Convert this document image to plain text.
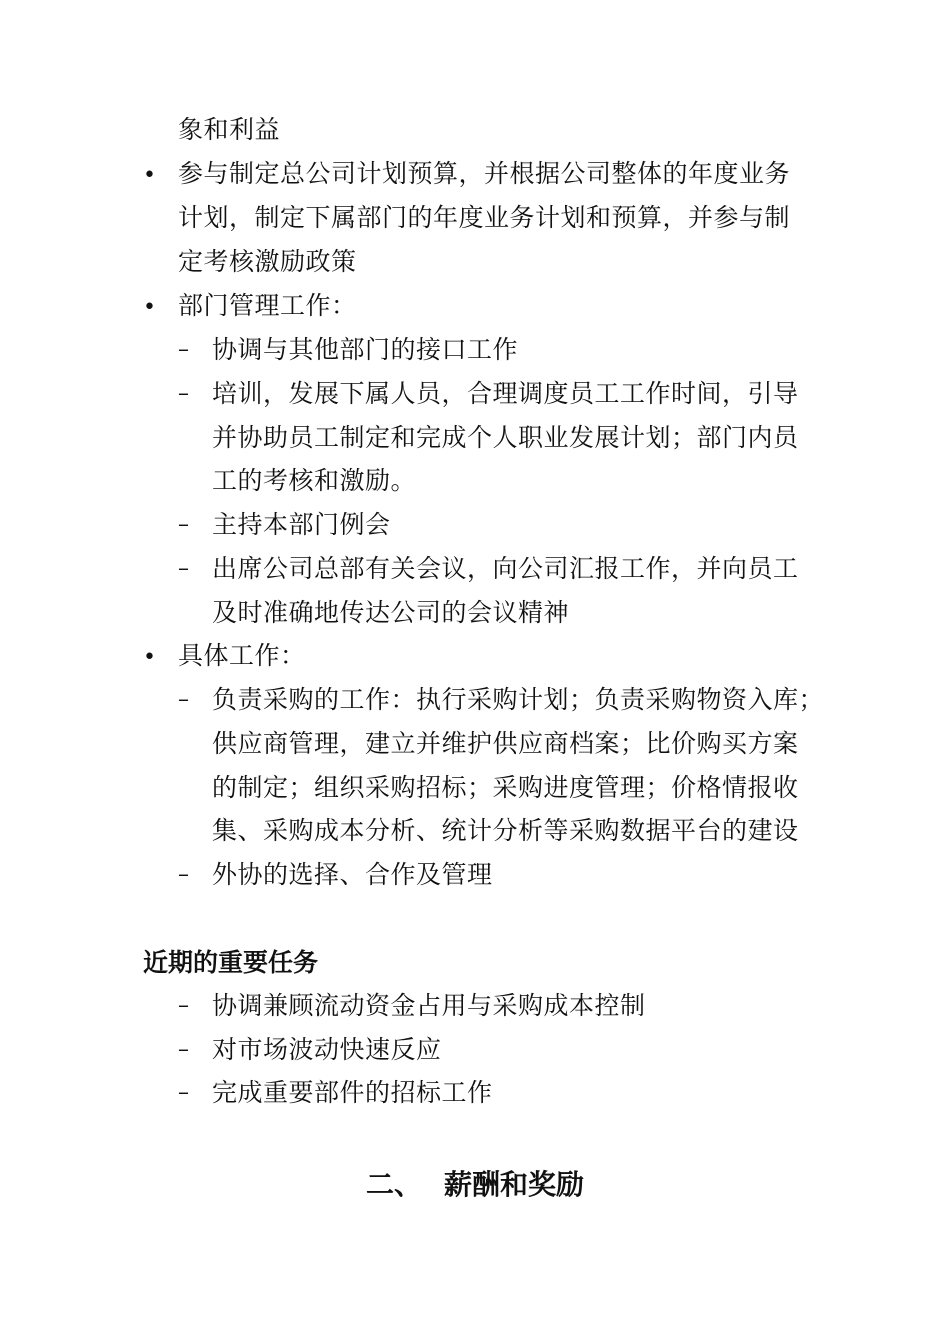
象和利益
• 参与制定总公司计划预算，并根据公司整体的年度业务
计划，制定下属部门的年度业务计划和预算，并参与制
定考核激励政策
• 部门管理工作：
– 协调与其他部门的接口工作
– 培训，发展下属人员，合理调度员工工作时间，引导
并协助员工制定和完成个人职业发展计划；部门内员
工的考核和激励。
– 主持本部门例会
– 出席公司总部有关会议，向公司汇报工作，并向员工
及时准确地传达公司的会议精神
• 具体工作：
– 负责采购的工作：执行采购计划；负责采购物资入库；
供应商管理，建立并维护供应商档案；比价购买方案
的制定；组织采购招标；采购进度管理；价格情报收
集、采购成本分析、统计分析等采购数据平台的建设
– 外协的选择、合作及管理
近期的重要任务
– 协调兼顾流动资金占用与采购成本控制
– 对市场波动快速反应
– 完成重要部件的招标工作
二、 薪酬和奖励
